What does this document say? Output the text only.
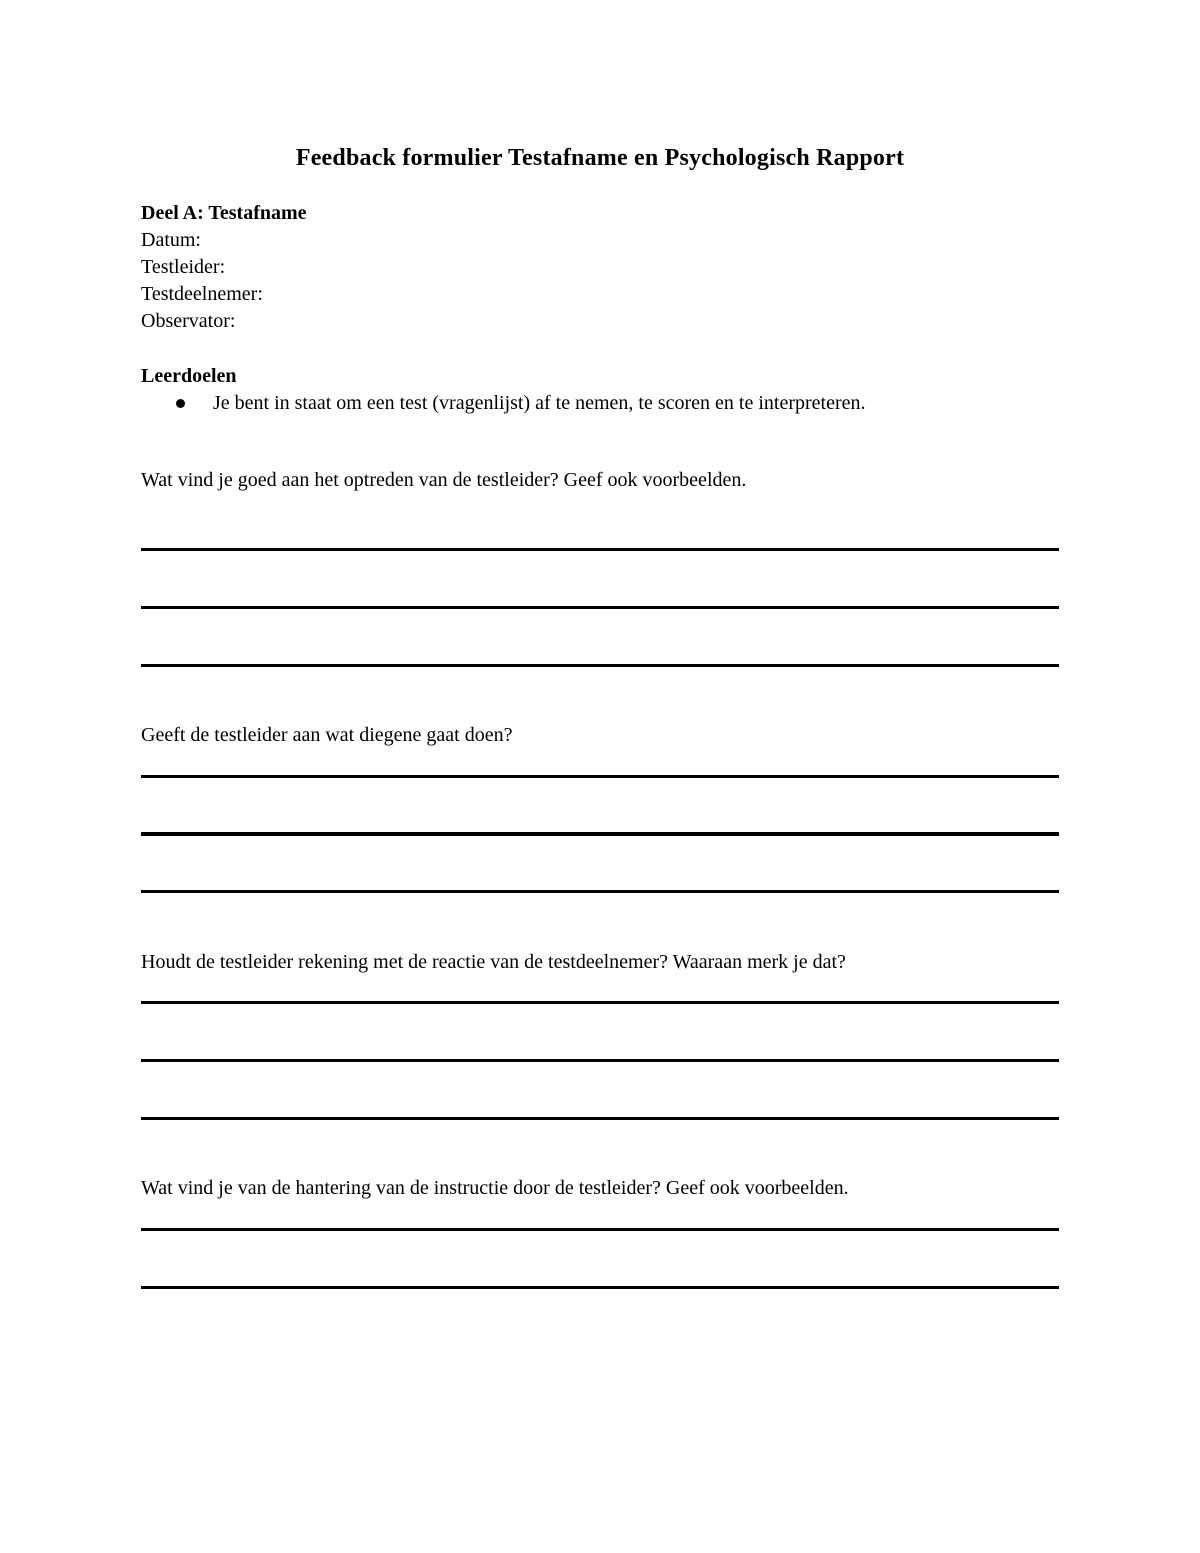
Feedback formulier Testafname en Psychologisch Rapport
Deel A: Testafname
Datum:
Testleider:
Testdeelnemer:
Observator:
Leerdoelen
Je bent in staat om een test (vragenlijst) af te nemen, te scoren en te interpreteren.
Wat vind je goed aan het optreden van de testleider? Geef ook voorbeelden.
Geeft de testleider aan wat diegene gaat doen?
Houdt de testleider rekening met de reactie van de testdeelnemer? Waaraan merk je dat?
Wat vind je van de hantering van de instructie door de testleider? Geef ook voorbeelden.
